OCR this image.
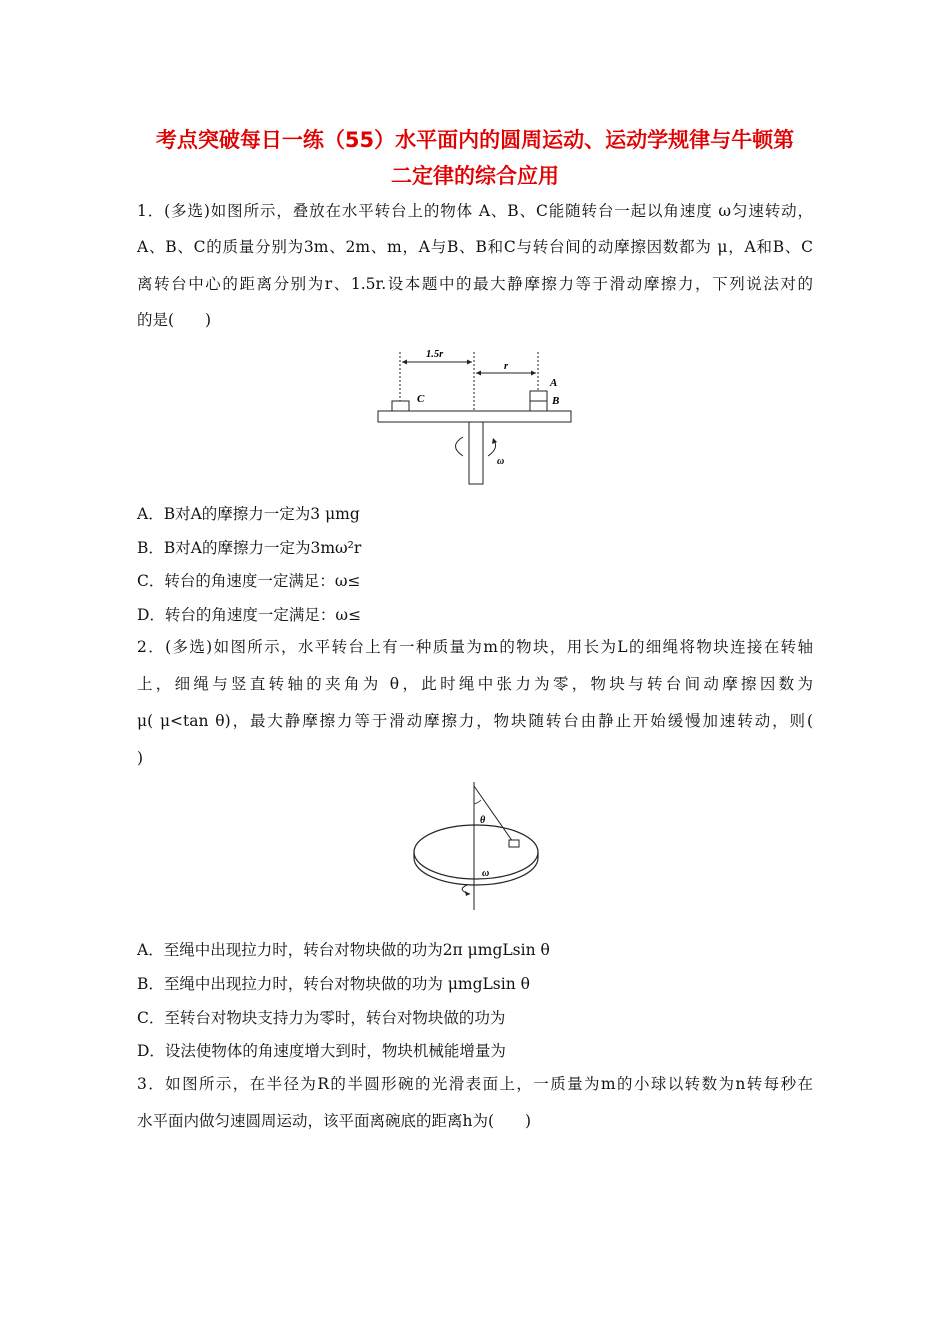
考点突破每日一练（55）水平面内的圆周运动、运动学规律与牛顿第
二定律的综合应用
1．(多选)如图所示，叠放在水平转台上的物体 A、B、C能随转台一起以角速度 ω匀速转动，
A、B、C的质量分别为3m、2m、m，A与B、B和C与转台间的动摩擦因数都为 μ，A和B、C
离转台中心的距离分别为r、1.5r.设本题中的最大静摩擦力等于滑动摩擦力，下列说法对的
的是(　　)
1.5r
r
C
A
B
ω
A．B对A的摩擦力一定为3 μmg
B．B对A的摩擦力一定为3mω²r
C．转台的角速度一定满足：ω≤
D．转台的角速度一定满足：ω≤
2．(多选)如图所示，水平转台上有一种质量为m的物块，用长为L的细绳将物块连接在转轴
上，细绳与竖直转轴的夹角为 θ，此时绳中张力为零，物块与转台间动摩擦因数为
μ( μ<tan θ)，最大静摩擦力等于滑动摩擦力，物块随转台由静止开始缓慢加速转动，则(
)
θ
ω
A．至绳中出现拉力时，转台对物块做的功为2π μmgLsin θ
B．至绳中出现拉力时，转台对物块做的功为 μmgLsin θ
C．至转台对物块支持力为零时，转台对物块做的功为
D．设法使物体的角速度增大到时，物块机械能增量为
3．如图所示，在半径为R的半圆形碗的光滑表面上，一质量为m的小球以转数为n转每秒在
水平面内做匀速圆周运动，该平面离碗底的距离h为(　　)
